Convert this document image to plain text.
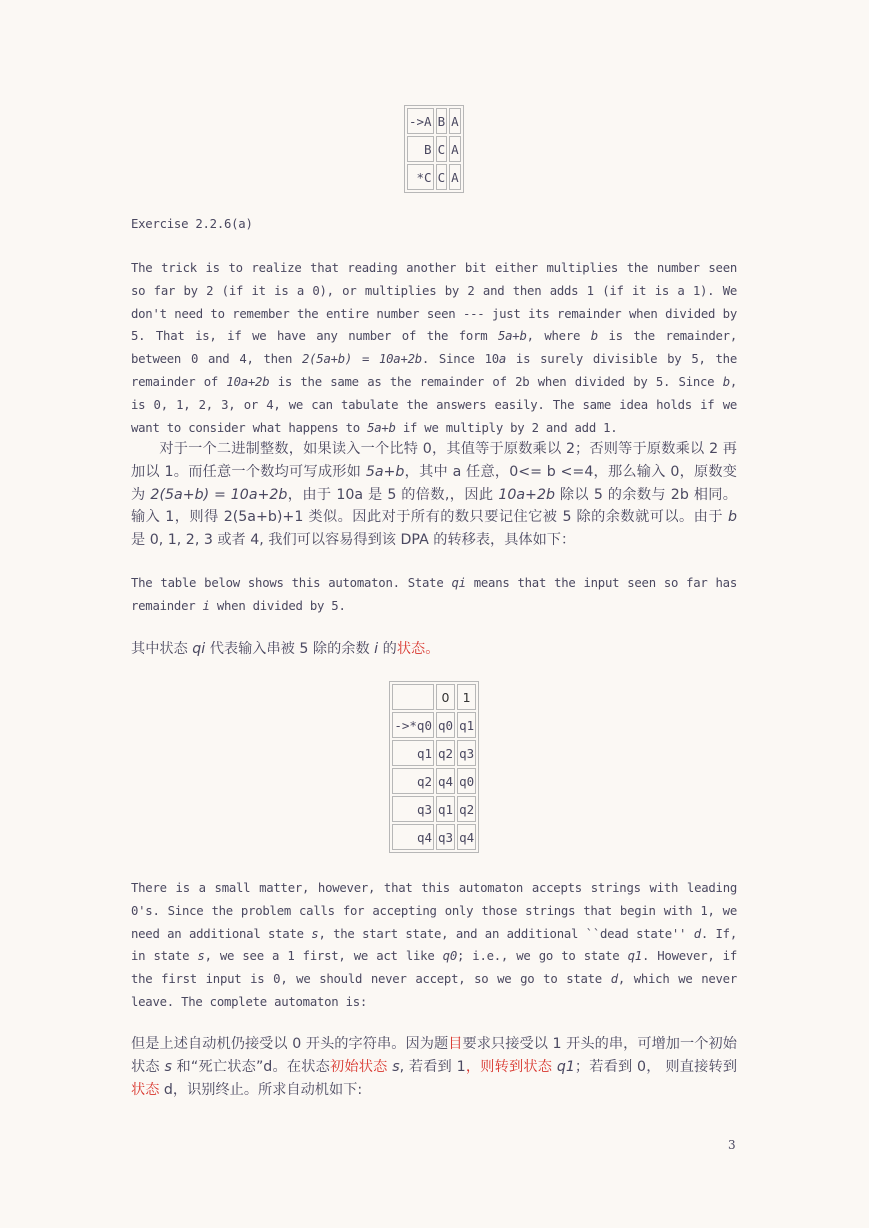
->A	B	A
B	C	A
*C	C	A
Exercise 2.2.6(a)

The trick is to realize that reading another bit either multiplies the number seen so far by 2 (if it is a 0), or multiplies by 2 and then adds 1 (if it is a 1). We don't need to remember the entire number seen --- just its remainder when divided by 5. That is, if we have any number of the form 5a+b, where b is the remainder, between 0 and 4, then 2(5a+b) = 10a+2b. Since 10a is surely divisible by 5, the remainder of 10a+2b is the same as the remainder of 2b when divided by 5. Since b, is 0, 1, 2, 3, or 4, we can tabulate the answers easily. The same idea holds if we want to consider what happens to 5a+b if we multiply by 2 and add 1.

对于一个二进制整数，如果读入一个比特 0，其值等于原数乘以 2；否则等于原数乘以 2 再加以 1。而任意一个数均可写成形如 5a+b，其中 a 任意，0<= b <=4，那么输入 0，原数变为 2(5a+b) = 10a+2b，由于 10a 是 5 的倍数,，因此 10a+2b 除以 5 的余数与 2b 相同。输入 1，则得 2(5a+b)+1 类似。因此对于所有的数只要记住它被 5 除的余数就可以。由于 b 是 0, 1, 2, 3 或者 4, 我们可以容易得到该 DPA 的转移表，具体如下：

The table below shows this automaton. State qi means that the input seen so far has remainder i when divided by 5.

其中状态 qi 代表输入串被 5 除的余数 i 的状态。

	0	1
->*q0	q0	q1
q1	q2	q3
q2	q4	q0
q3	q1	q2
q4	q3	q4

There is a small matter, however, that this automaton accepts strings with leading 0's. Since the problem calls for accepting only those strings that begin with 1, we need an additional state s, the start state, and an additional ``dead state'' d. If, in state s, we see a 1 first, we act like q0; i.e., we go to state q1. However, if the first input is 0, we should never accept, so we go to state d, which we never leave. The complete automaton is:

但是上述自动机仍接受以 0 开头的字符串。因为题目要求只接受以 1 开头的串，可增加一个初始状态 s 和“死亡状态”d。在状态初始状态 s, 若看到 1，则转到状态 q1；若看到 0， 则直接转到状态 d，识别终止。所求自动机如下:

3
